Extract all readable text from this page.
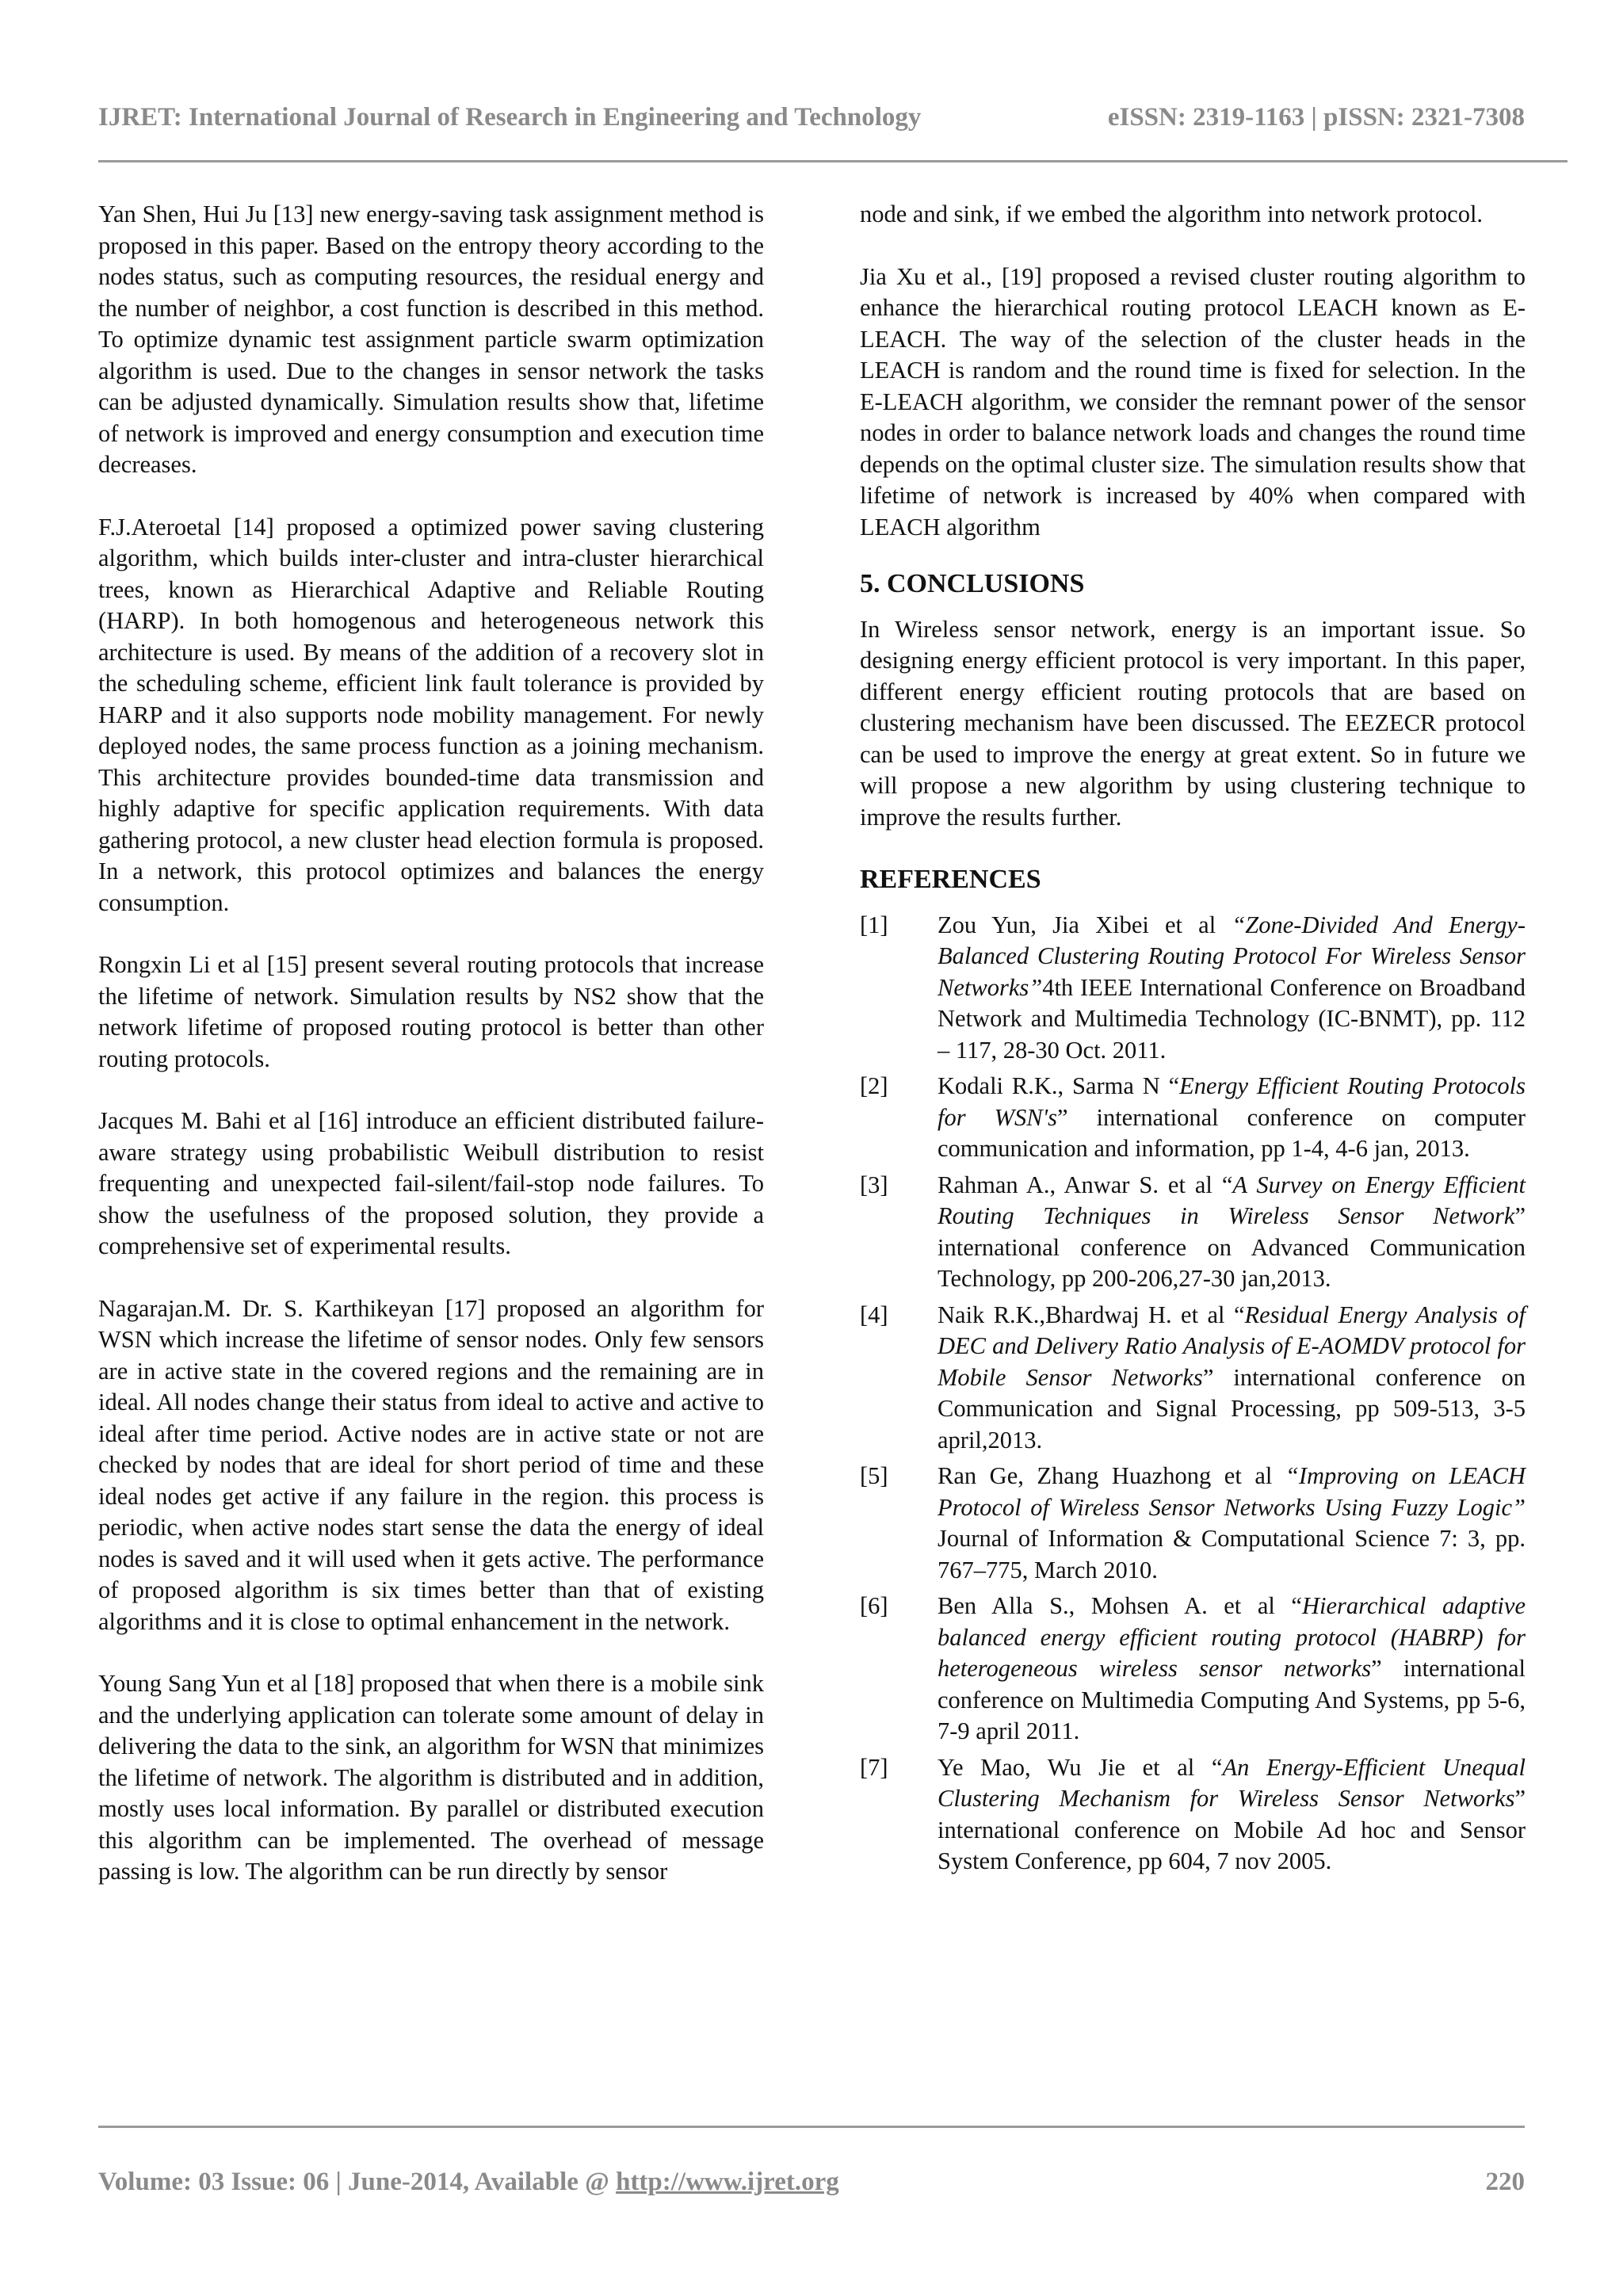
IJRET: International Journal of Research in Engineering and Technology	eISSN: 2319-1163 | pISSN: 2321-7308

Yan Shen, Hui Ju [13] new energy-saving task assignment method is proposed in this paper. Based on the entropy theory according to the nodes status, such as computing resources, the residual energy and the number of neighbor, a cost function is described in this method. To optimize dynamic test assignment particle swarm optimization algorithm is used. Due to the changes in sensor network the tasks can be adjusted dynamically. Simulation results show that, lifetime of network is improved and energy consumption and execution time decreases.

F.J.Ateroetal [14] proposed a optimized power saving clustering algorithm, which builds inter-cluster and intra-cluster hierarchical trees, known as Hierarchical Adaptive and Reliable Routing (HARP). In both homogenous and heterogeneous network this architecture is used. By means of the addition of a recovery slot in the scheduling scheme, efficient link fault tolerance is provided by HARP and it also supports node mobility management. For newly deployed nodes, the same process function as a joining mechanism. This architecture provides bounded-time data transmission and highly adaptive for specific application requirements. With data gathering protocol, a new cluster head election formula is proposed. In a network, this protocol optimizes and balances the energy consumption.

Rongxin Li et al [15] present several routing protocols that increase the lifetime of network. Simulation results by NS2 show that the network lifetime of proposed routing protocol is better than other routing protocols.

Jacques M. Bahi et al [16] introduce an efficient distributed failure-aware strategy using probabilistic Weibull distribution to resist frequenting and unexpected fail-silent/fail-stop node failures. To show the usefulness of the proposed solution, they provide a comprehensive set of experimental results.

Nagarajan.M. Dr. S. Karthikeyan [17] proposed an algorithm for WSN which increase the lifetime of sensor nodes. Only few sensors are in active state in the covered regions and the remaining are in ideal. All nodes change their status from ideal to active and active to ideal after time period. Active nodes are in active state or not are checked by nodes that are ideal for short period of time and these ideal nodes get active if any failure in the region. this process is periodic, when active nodes start sense the data the energy of ideal nodes is saved and it will used when it gets active. The performance of proposed algorithm is six times better than that of existing algorithms and it is close to optimal enhancement in the network.

Young Sang Yun et al [18] proposed that when there is a mobile sink and the underlying application can tolerate some amount of delay in delivering the data to the sink, an algorithm for WSN that minimizes the lifetime of network. The algorithm is distributed and in addition, mostly uses local information. By parallel or distributed execution this algorithm can be implemented. The overhead of message passing is low. The algorithm can be run directly by sensor

node and sink, if we embed the algorithm into network protocol.

Jia Xu et al., [19] proposed a revised cluster routing algorithm to enhance the hierarchical routing protocol LEACH known as E-LEACH. The way of the selection of the cluster heads in the LEACH is random and the round time is fixed for selection. In the E-LEACH algorithm, we consider the remnant power of the sensor nodes in order to balance network loads and changes the round time depends on the optimal cluster size. The simulation results show that lifetime of network is increased by 40% when compared with LEACH algorithm

5. CONCLUSIONS

In Wireless sensor network, energy is an important issue. So designing energy efficient protocol is very important. In this paper, different energy efficient routing protocols that are based on clustering mechanism have been discussed. The EEZECR protocol can be used to improve the energy at great extent. So in future we will propose a new algorithm by using clustering technique to improve the results further.

REFERENCES
[1]	Zou Yun, Jia Xibei et al “Zone-Divided And Energy-Balanced Clustering Routing Protocol For Wireless Sensor Networks”4th IEEE International Conference on Broadband Network and Multimedia Technology (IC-BNMT), pp. 112 – 117, 28-30 Oct. 2011.
[2]	Kodali R.K., Sarma N “Energy Efficient Routing Protocols for WSN's” international conference on computer communication and information, pp 1-4, 4-6 jan, 2013.
[3]	Rahman A., Anwar S. et al “A Survey on Energy Efficient Routing Techniques in Wireless Sensor Network” international conference on Advanced Communication Technology, pp 200-206,27-30 jan,2013.
[4]	Naik R.K.,Bhardwaj H. et al “Residual Energy Analysis of DEC and Delivery Ratio Analysis of E-AOMDV protocol for Mobile Sensor Networks” international conference on Communication and Signal Processing, pp 509-513, 3-5 april,2013.
[5]	Ran Ge, Zhang Huazhong et al “Improving on LEACH Protocol of Wireless Sensor Networks Using Fuzzy Logic” Journal of Information & Computational Science 7: 3, pp. 767–775, March 2010.
[6]	Ben Alla S., Mohsen A. et al “Hierarchical adaptive balanced energy efficient routing protocol (HABRP) for heterogeneous wireless sensor networks” international conference on Multimedia Computing And Systems, pp 5-6, 7-9 april 2011.
[7]	Ye Mao, Wu Jie et al “An Energy-Efficient Unequal Clustering Mechanism for Wireless Sensor Networks” international conference on Mobile Ad hoc and Sensor System Conference, pp 604, 7 nov 2005.
Volume: 03 Issue: 06 | June-2014, Available @ http://www.ijret.org	220
